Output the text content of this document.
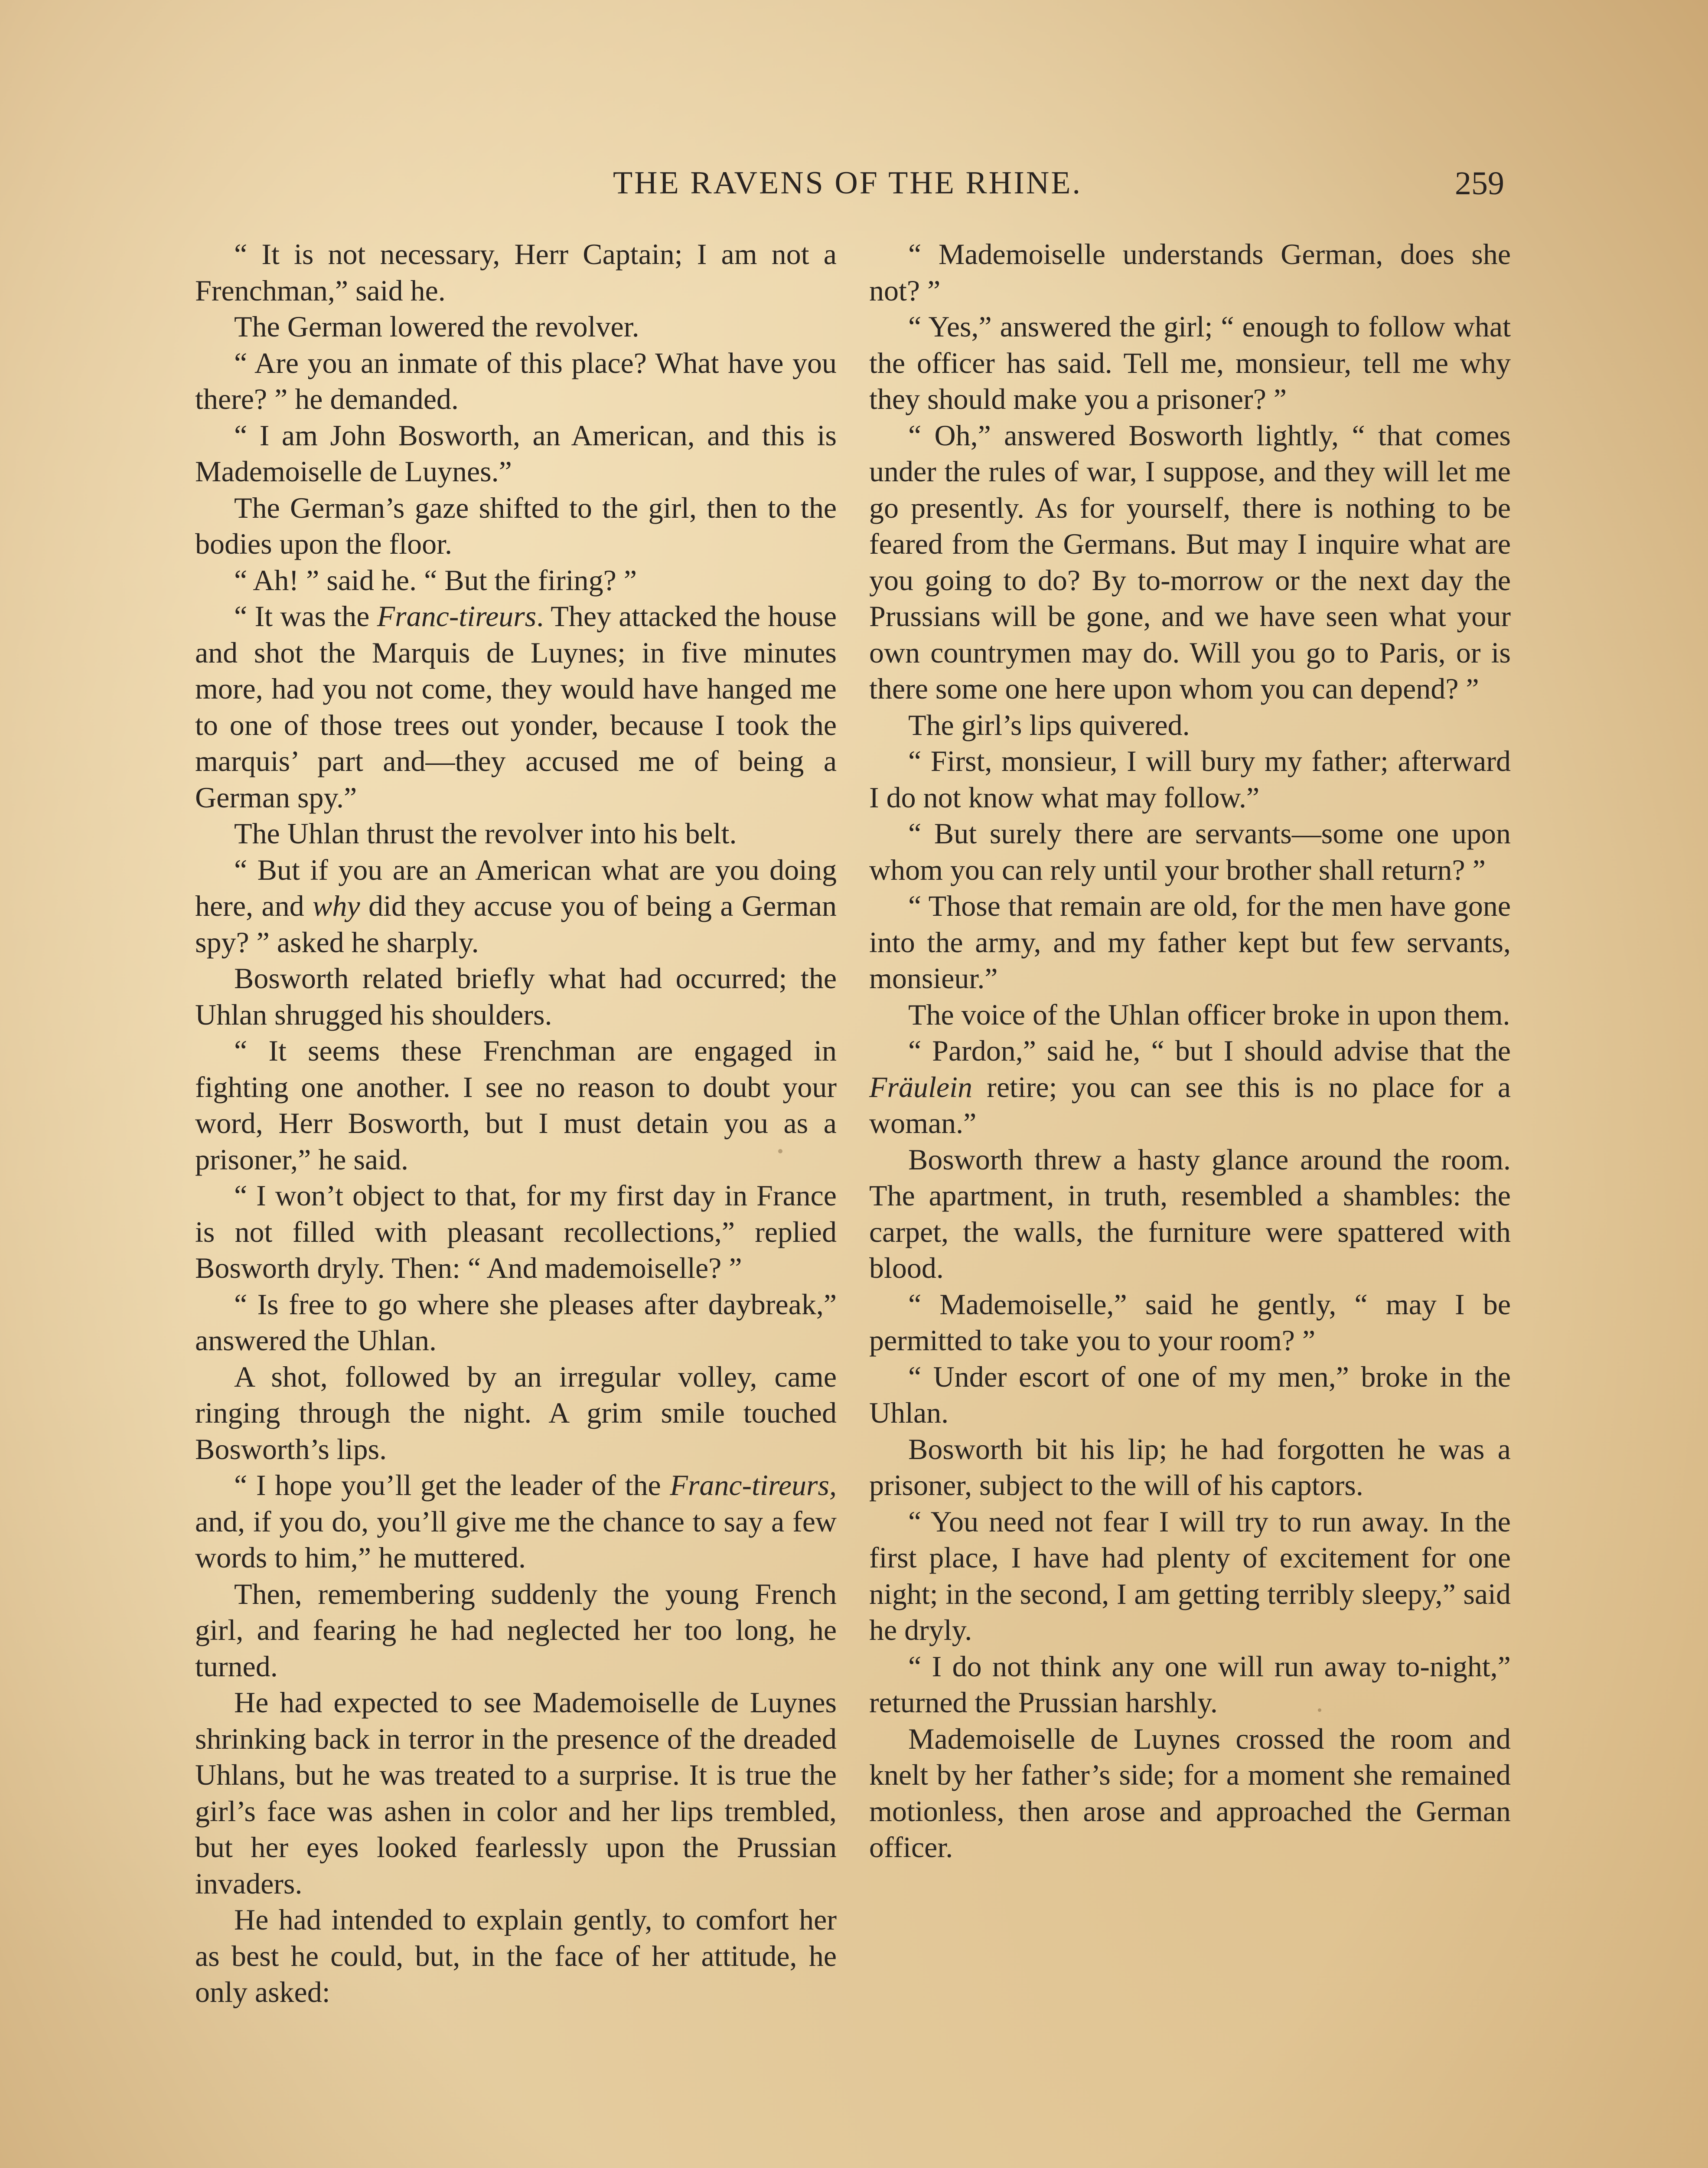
THE RAVENS OF THE RHINE.	259

“ It is not necessary, Herr Captain; I am not a Frenchman,” said he.

The German lowered the revolver.

“ Are you an inmate of this place? What have you there? ” he demanded.

“ I am John Bosworth, an American, and this is Mademoiselle de Luynes.”

The German’s gaze shifted to the girl, then to the bodies upon the floor.

“ Ah! ” said he. “ But the firing? ”

“ It was the Franc-tireurs. They attacked the house and shot the Marquis de Luynes; in five minutes more, had you not come, they would have hanged me to one of those trees out yonder, because I took the marquis’ part and—they accused me of being a German spy.”

The Uhlan thrust the revolver into his belt.

“ But if you are an American what are you doing here, and why did they accuse you of being a German spy? ” asked he sharply.

Bosworth related briefly what had occurred; the Uhlan shrugged his shoulders.

“ It seems these Frenchman are engaged in fighting one another. I see no reason to doubt your word, Herr Bosworth, but I must detain you as a prisoner,” he said.

“ I won’t object to that, for my first day in France is not filled with pleasant recollections,” replied Bosworth dryly. Then: “ And mademoiselle? ”

“ Is free to go where she pleases after daybreak,” answered the Uhlan.

A shot, followed by an irregular volley, came ringing through the night. A grim smile touched Bosworth’s lips.

“ I hope you’ll get the leader of the Franc-tireurs, and, if you do, you’ll give me the chance to say a few words to him,” he muttered.

Then, remembering suddenly the young French girl, and fearing he had neglected her too long, he turned.

He had expected to see Mademoiselle de Luynes shrinking back in terror in the presence of the dreaded Uhlans, but he was treated to a surprise. It is true the girl’s face was ashen in color and her lips trembled, but her eyes looked fearlessly upon the Prussian invaders.

He had intended to explain gently, to comfort her as best he could, but, in the face of her attitude, he only asked:

“ Mademoiselle understands German, does she not? ”

“ Yes,” answered the girl; “ enough to follow what the officer has said. Tell me, monsieur, tell me why they should make you a prisoner? ”

“ Oh,” answered Bosworth lightly, “ that comes under the rules of war, I suppose, and they will let me go presently. As for yourself, there is nothing to be feared from the Germans. But may I inquire what are you going to do? By to-morrow or the next day the Prussians will be gone, and we have seen what your own countrymen may do. Will you go to Paris, or is there some one here upon whom you can depend? ”

The girl’s lips quivered.

“ First, monsieur, I will bury my father; afterward I do not know what may follow.”

“ But surely there are servants—some one upon whom you can rely until your brother shall return? ”

“ Those that remain are old, for the men have gone into the army, and my father kept but few servants, monsieur.”

The voice of the Uhlan officer broke in upon them.

“ Pardon,” said he, “ but I should advise that the Fräulein retire; you can see this is no place for a woman.”

Bosworth threw a hasty glance around the room. The apartment, in truth, resembled a shambles: the carpet, the walls, the furniture were spattered with blood.

“ Mademoiselle,” said he gently, “ may I be permitted to take you to your room? ”

“ Under escort of one of my men,” broke in the Uhlan.

Bosworth bit his lip; he had forgotten he was a prisoner, subject to the will of his captors.

“ You need not fear I will try to run away. In the first place, I have had plenty of excitement for one night; in the second, I am getting terribly sleepy,” said he dryly.

“ I do not think any one will run away to-night,” returned the Prussian harshly.

Mademoiselle de Luynes crossed the room and knelt by her father’s side; for a moment she remained motionless, then arose and approached the German officer.
